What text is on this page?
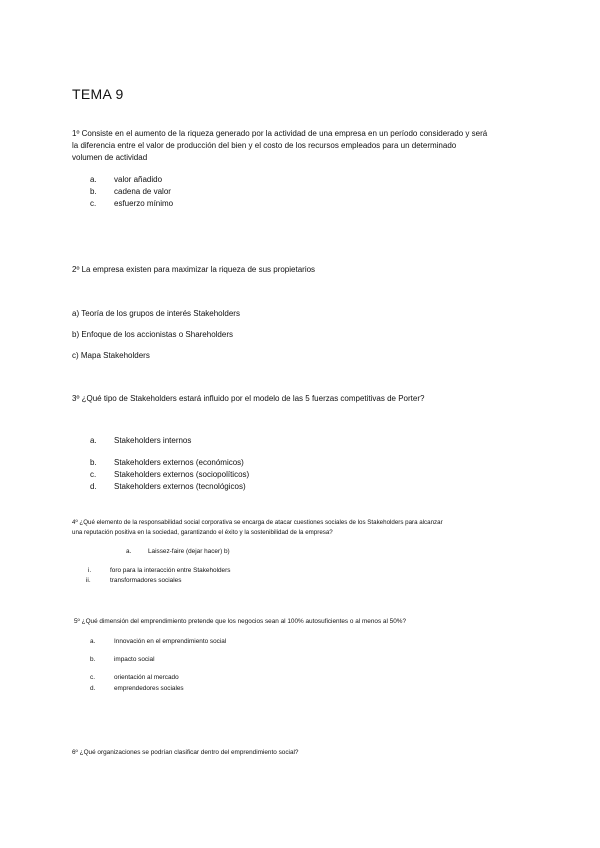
TEMA 9
1º Consiste en el aumento de la riqueza generado por la actividad de una empresa en un período considerado y será
la diferencia entre el valor de producción del bien y el costo de los recursos empleados para un determinado
volumen de actividad
a. valor añadido
b. cadena de valor
c. esfuerzo mínimo
2º La empresa existen para maximizar la riqueza de sus propietarios
a) Teoría de los grupos de interés Stakeholders
b) Enfoque de los accionistas o Shareholders
c) Mapa Stakeholders
3º ¿Qué tipo de Stakeholders estará influido por el modelo de las 5 fuerzas competitivas de Porter?
a. Stakeholders internos
b. Stakeholders externos (económicos)
c. Stakeholders externos (sociopolíticos)
d. Stakeholders externos (tecnológicos)
4º ¿Qué elemento de la responsabilidad social corporativa se encarga de atacar cuestiones sociales de los Stakeholders para alcanzar
una reputación positiva en la sociedad, garantizando el éxito y la sostenibilidad de la empresa?
a.	Laissez-faire (dejar hacer) b)
i.	foro para la interacción entre Stakeholders
ii.	transformadores sociales
5º ¿Qué dimensión del emprendimiento pretende que los negocios sean al 100% autosuficientes o al menos al 50%?
a.	Innovación en el emprendimiento social
b.	impacto social
c.	orientación al mercado
d.	emprendedores sociales
6º ¿Qué organizaciones se podrían clasificar dentro del emprendimiento social?
